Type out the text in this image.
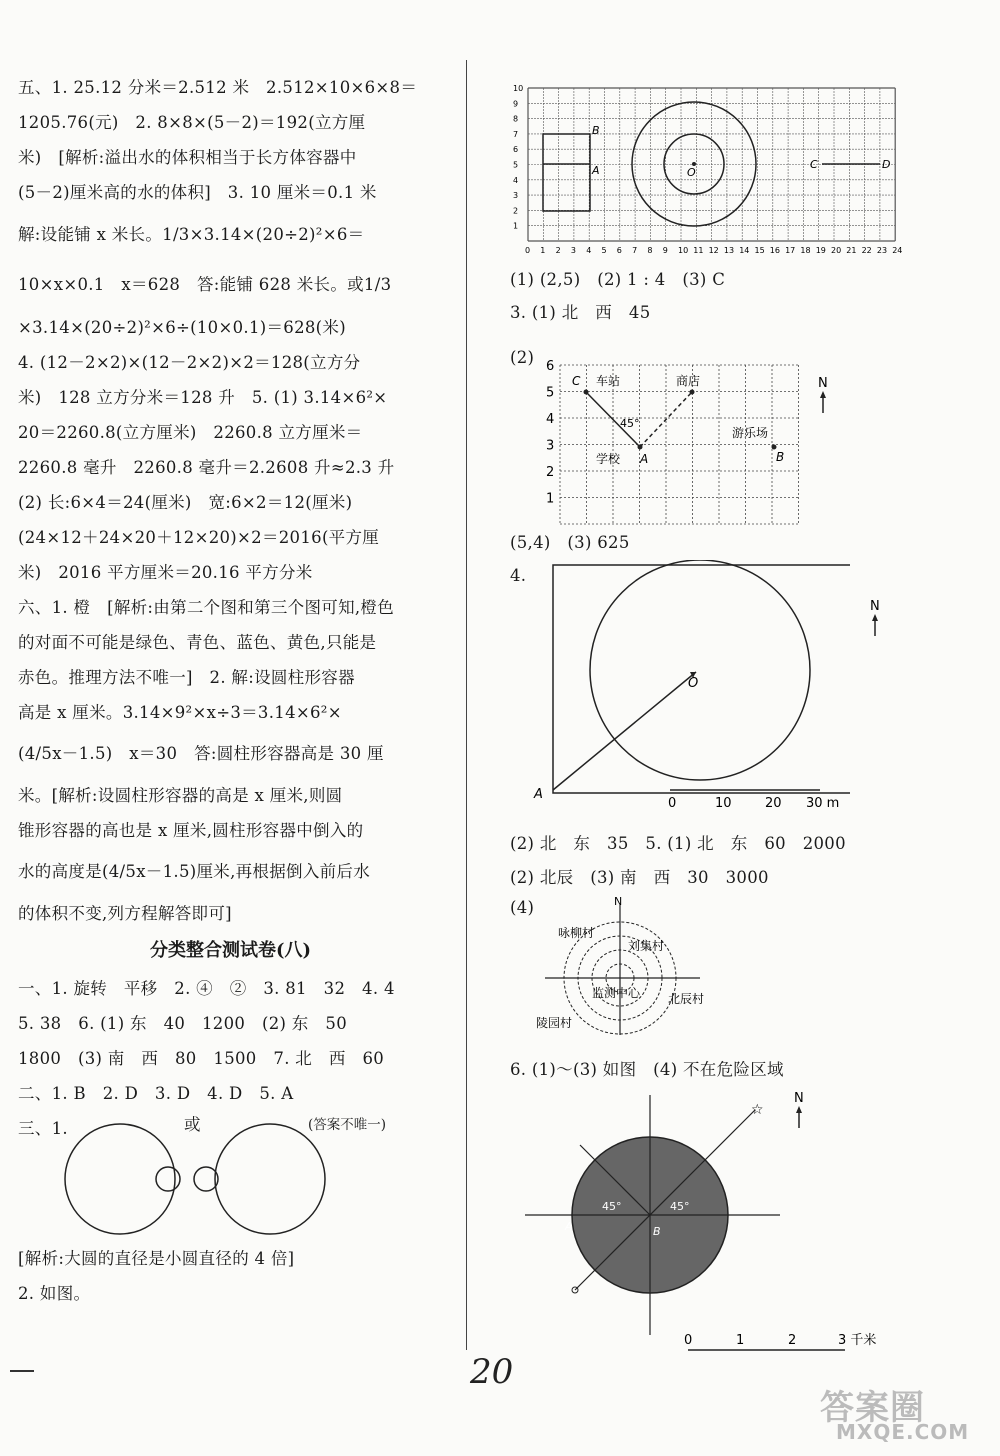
五、1. 25.12 分米＝2.512 米　2.512×10×6×8＝
1205.76(元)　2. 8×8×(5－2)＝192(立方厘
米)　[解析:溢出水的体积相当于长方体容器中
(5－2)厘米高的水的体积]　3. 10 厘米＝0.1 米
解:设能铺 x 米长。1/3×3.14×(20÷2)²×6＝
10×x×0.1　x＝628　答:能铺 628 米长。或1/3
×3.14×(20÷2)²×6÷(10×0.1)＝628(米)
4. (12－2×2)×(12－2×2)×2＝128(立方分
米)　128 立方分米＝128 升　5. (1) 3.14×6²×
20＝2260.8(立方厘米)　2260.8 立方厘米＝
2260.8 毫升　2260.8 毫升＝2.2608 升≈2.3 升
(2) 长:6×4＝24(厘米)　宽:6×2＝12(厘米)
(24×12＋24×20＋12×20)×2＝2016(平方厘
米)　2016 平方厘米＝20.16 平方分米
六、1. 橙　[解析:由第二个图和第三个图可知,橙色
的对面不可能是绿色、青色、蓝色、黄色,只能是
赤色。推理方法不唯一]　2. 解:设圆柱形容器
高是 x 厘米。3.14×9²×x÷3＝3.14×6²×
(4/5x－1.5)　x＝30　答:圆柱形容器高是 30 厘
米。[解析:设圆柱形容器的高是 x 厘米,则圆
锥形容器的高也是 x 厘米,圆柱形容器中倒入的
水的高度是(4/5x－1.5)厘米,再根据倒入前后水
的体积不变,列方程解答即可]
分类整合测试卷(八)
一、1. 旋转　平移　2. ④　②　3. 81　32　4. 4
5. 38　6. (1) 东　40　1200　(2) 东　50
1800　(3) 南　西　80　1500　7. 北　西　60
二、1. B　2. D　3. D　4. D　5. A
三、1.	或	(答案不唯一)
[解析:大圆的直径是小圆直径的 4 倍]
2. 如图。
0 1 2 3 4 5 6 7 8 9 10 11 12 13 14 15 16 17 18 19 20 21 22 23 24
1
2
3
4
5
6
7
8
9
10
O
B
A	C	D
(1) (2,5)　(2) 1 : 4　(3) C
3. (1) 北　西　45
(2)
1
2
3
4
5
6
C 车站	商店
45°
学校 A
游乐场
B
N
(5,4)　(3) 625
4.
O
A
0	10	20 30 m
N
(2) 北　东　35　5. (1) 北　东　60　2000
(2) 北辰　(3) 南　西　30　3000
(4)	N
咏柳村
刘集村
监测中心 北辰村
陵园村
6. (1)～(3) 如图　(4) 不在危险区域
☆
A	B
45°	45°
N
0	1	2	3 千米
20
答案圈
MXQE.COM
